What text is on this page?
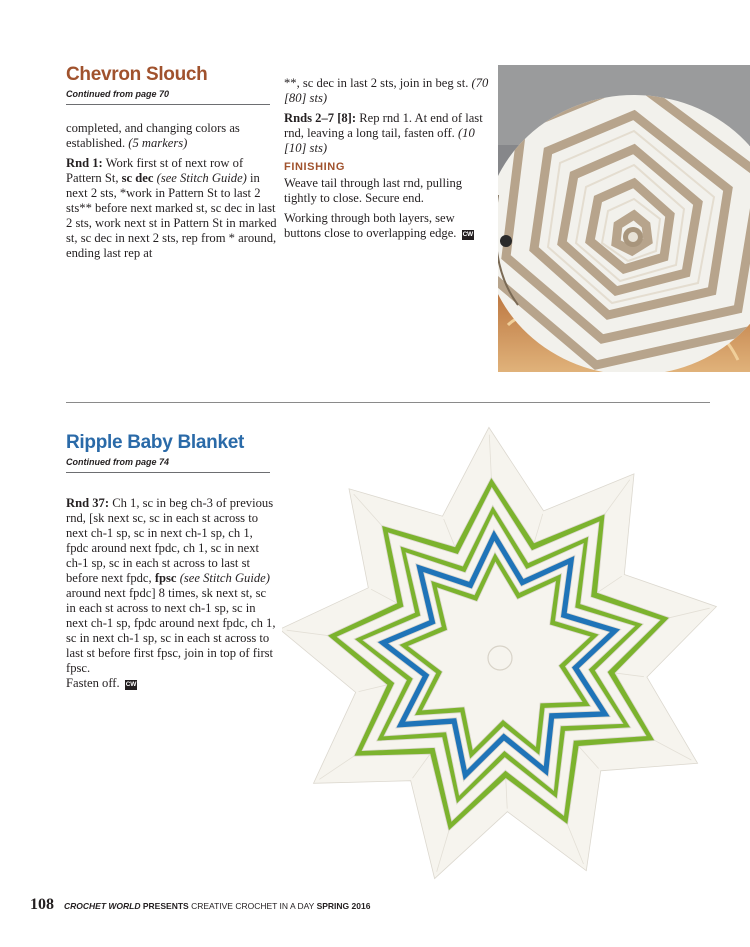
Chevron Slouch
Continued from page 70

completed, and changing colors as established. (5 markers)

Rnd 1: Work first st of next row of Pattern St, sc dec (see Stitch Guide) in next 2 sts, *work in Pattern St to last 2 sts** before next marked st, sc dec in last 2 sts, work next st in Pattern St in marked st, sc dec in next 2 sts, rep from * around, ending last rep at

**, sc dec in last 2 sts, join in beg st. (70 [80] sts)

Rnds 2–7 [8]: Rep rnd 1. At end of last rnd, leaving a long tail, fasten off. (10 [10] sts)

FINISHING

Weave tail through last rnd, pulling tightly to close. Secure end.

Working through both layers, sew buttons close to overlapping edge. CW

Ripple Baby Blanket
Continued from page 74

Rnd 37: Ch 1, sc in beg ch-3 of previous rnd, [sk next sc, sc in each st across to next ch-1 sp, sc in next ch-1 sp, ch 1, fpdc around next fpdc, ch 1, sc in next ch-1 sp, sc in each st across to last st before next fpdc, fpsc (see Stitch Guide) around next fpdc] 8 times, sk next st, sc in each st across to next ch-1 sp, sc in next ch-1 sp, fpdc around next fpdc, ch 1, sc in next ch-1 sp, sc in each st across to last st before first fpsc, join in top of first fpsc.
Fasten off. CW

108 CROCHET WORLD PRESENTS CREATIVE CROCHET IN A DAY SPRING 2016
